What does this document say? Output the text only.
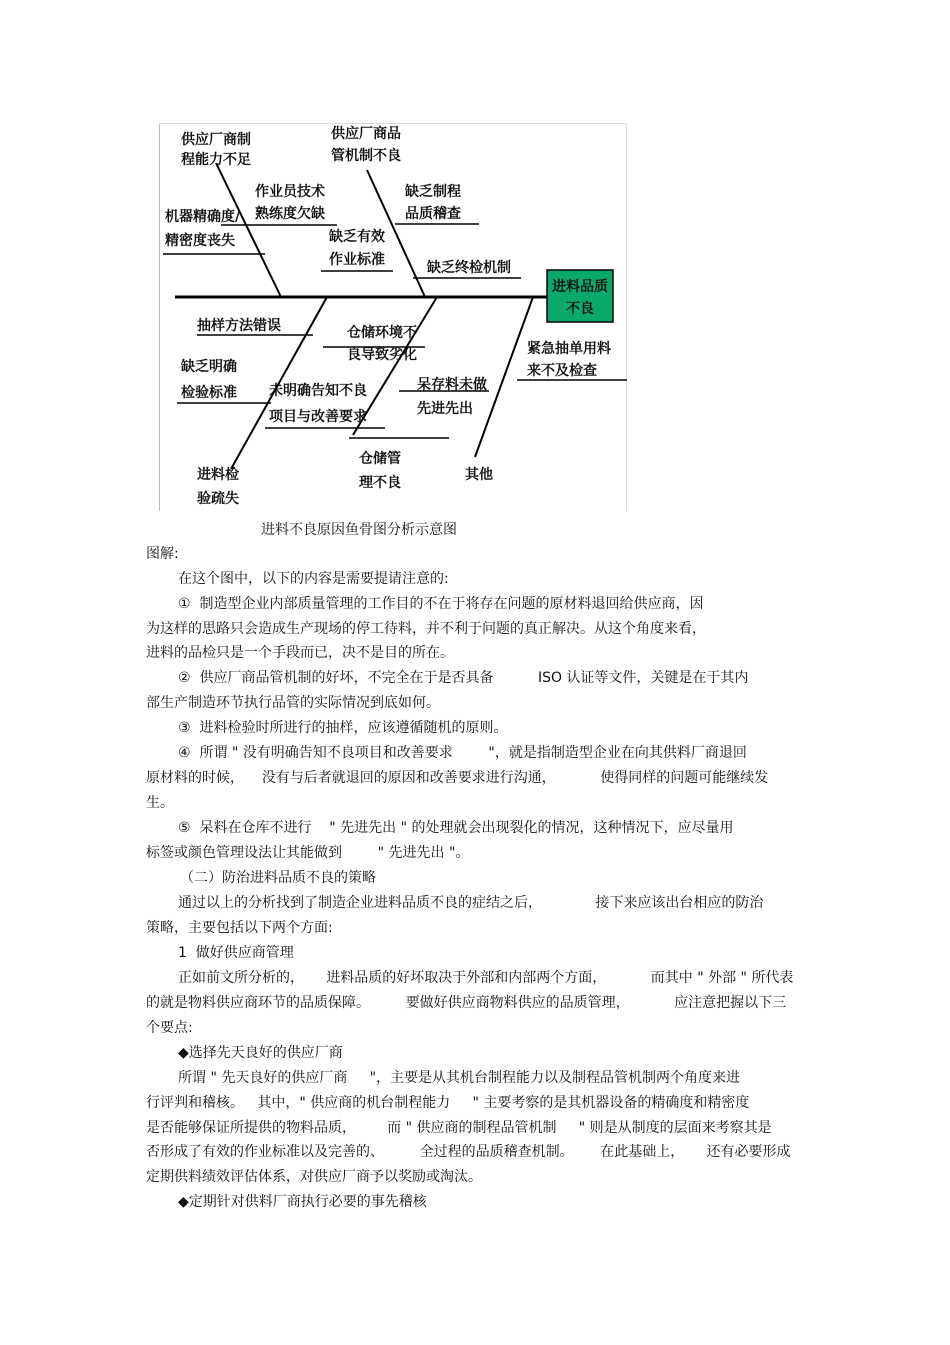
进料品质
不良
供应厂商制
程能力不足
供应厂商品
管机制不良
作业员技术
熟练度欠缺
缺乏制程
品质稽查
机器精确度/
精密度丧失	缺乏有效
作业标准	缺乏终检机制
抽样方法错误	仓储环境不
良导致劣化
缺乏明确
检验标准
紧急抽单用料
来不及检查
未明确告知不良
项目与改善要求
呆存料未做
先进先出
进料检
验疏失
仓储管
理不良	其他
进料不良原因鱼骨图分析示意图
图解:
在这个图中，以下的内容是需要提请注意的:
①  制造型企业内部质量管理的工作目的不在于将存在问题的原材料退回给供应商，因
为这样的思路只会造成生产现场的停工待料，并不利于问题的真正解决。从这个角度来看，
进料的品检只是一个手段而已，决不是目的所在。
②  供应厂商品管机制的好坏，不完全在于是否具备          ISO 认证等文件，关键是在于其内
部生产制造环节执行品管的实际情况到底如何。
③  进料检验时所进行的抽样，应该遵循随机的原则。
④  所谓 " 没有明确告知不良项目和改善要求        "，就是指制造型企业在向其供料厂商退回
原材料的时候，    没有与后者就退回的原因和改善要求进行沟通，          使得同样的问题可能继续发
生。
⑤  呆料在仓库不进行    " 先进先出 " 的处理就会出现裂化的情况，这种情况下，应尽量用
标签或颜色管理设法让其能做到        " 先进先出 "。
（二）防治进料品质不良的策略
通过以上的分析找到了制造企业进料品质不良的症结之后，            接下来应该出台相应的防治
策略，主要包括以下两个方面:
1  做好供应商管理
正如前文所分析的，     进料品质的好坏取决于外部和内部两个方面，          而其中 " 外部 " 所代表
的就是物料供应商环节的品质保障。        要做好供应商物料供应的品质管理，          应注意把握以下三
个要点:
◆选择先天良好的供应厂商
所谓 " 先天良好的供应厂商     "，主要是从其机台制程能力以及制程品管机制两个角度来进
行评判和稽核。   其中，" 供应商的机台制程能力     " 主要考察的是其机器设备的精确度和精密度
是否能够保证所提供的物料品质，       而 " 供应商的制程品管机制     " 则是从制度的层面来考察其是
否形成了有效的作业标准以及完善的、        全过程的品质稽查机制。      在此基础上，     还有必要形成
定期供料绩效评估体系，对供应厂商予以奖励或淘汰。
◆定期针对供料厂商执行必要的事先稽核
